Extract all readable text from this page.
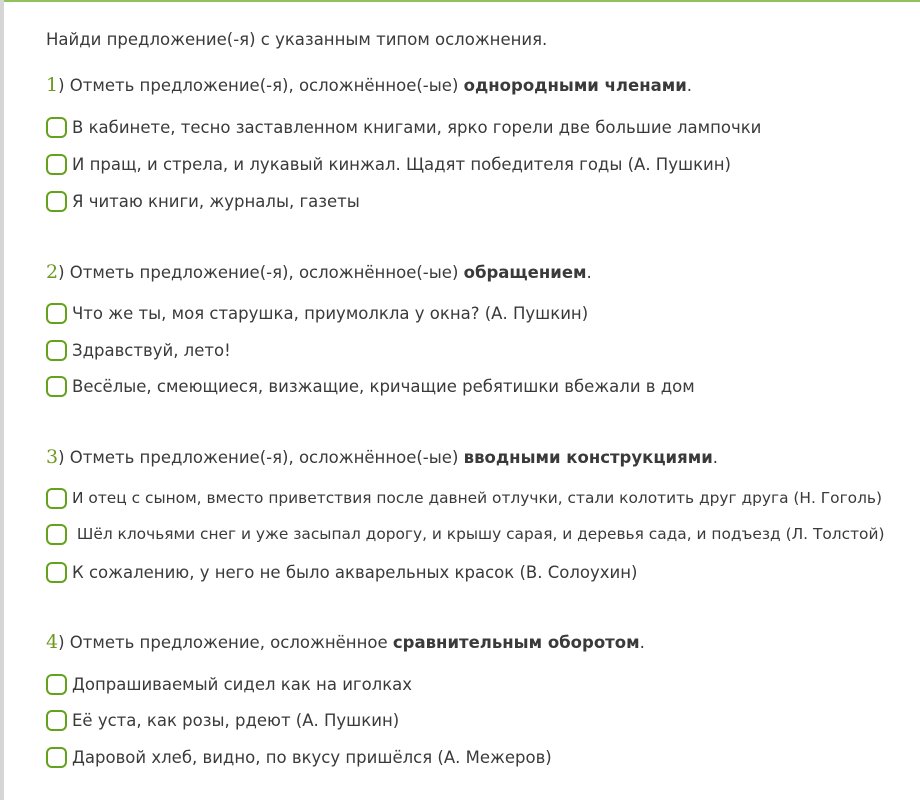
Найди предложение(-я) с указанным типом осложнения.
1) Отметь предложение(-я), осложнённое(-ые) однородными членами.
В кабинете, тесно заставленном книгами, ярко горели две большие лампочки
И пращ, и стрела, и лукавый кинжал. Щадят победителя годы (А. Пушкин)
Я читаю книги, журналы, газеты
2) Отметь предложение(-я), осложнённое(-ые) обращением.
Что же ты, моя старушка, приумолкла у окна? (А. Пушкин)
Здравствуй, лето!
Весёлые, смеющиеся, визжащие, кричащие ребятишки вбежали в дом
3) Отметь предложение(-я), осложнённое(-ые) вводными конструкциями.
И отец с сыном, вместо приветствия после давней отлучки, стали колотить друг друга (Н. Гоголь)
Шёл клочьями снег и уже засыпал дорогу, и крышу сарая, и деревья сада, и подъезд (Л. Толстой)
К сожалению, у него не было акварельных красок (В. Солоухин)
4) Отметь предложение, осложнённое сравнительным оборотом.
Допрашиваемый сидел как на иголках
Её уста, как розы, рдеют (А. Пушкин)
Даровой хлеб, видно, по вкусу пришёлся (А. Межеров)
